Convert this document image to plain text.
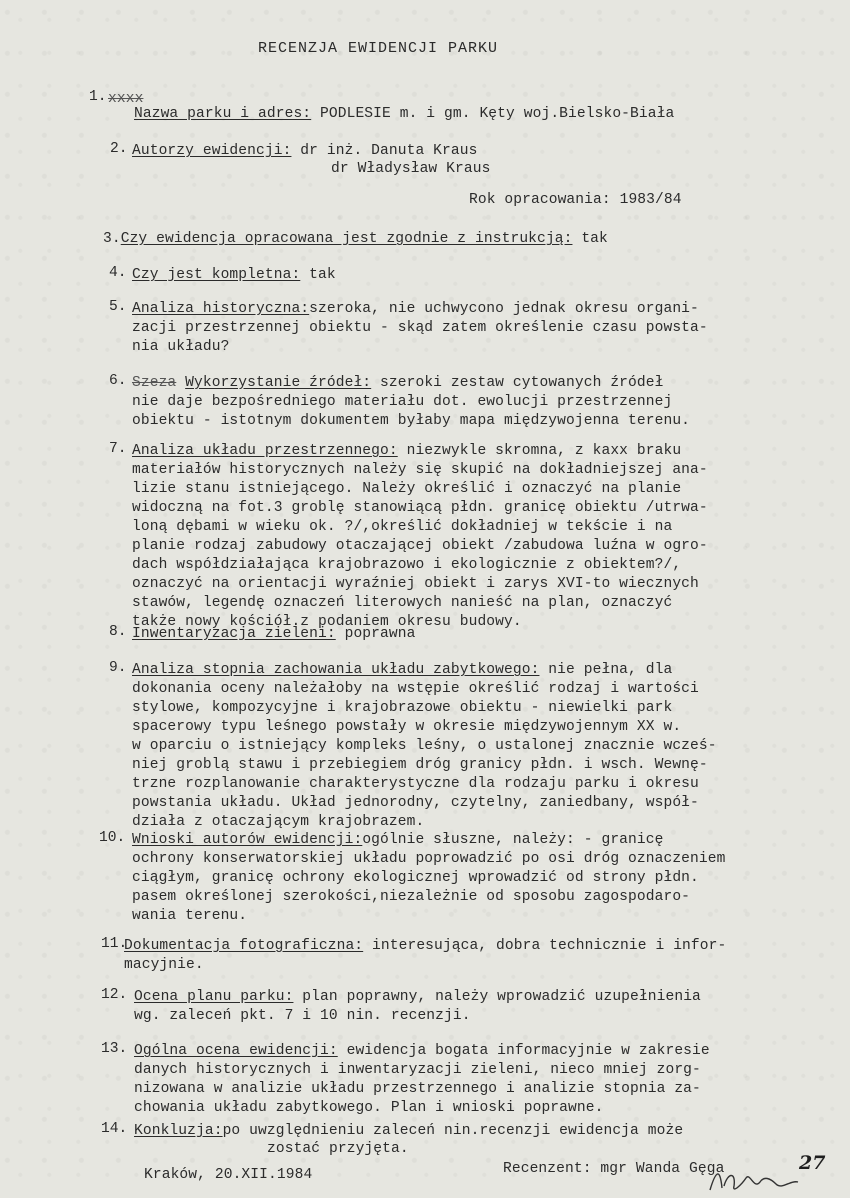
RECENZJA EWIDENCJI PARKU
1. xxxx
Nazwa parku i adres: PODLESIE m. i gm. Kęty woj.Bielsko-Biała
2. Autorzy ewidencji: dr inż. Danuta Kraus
dr Władysław Kraus
Rok opracowania: 1983/84
3.Czy ewidencja opracowana jest zgodnie z instrukcją: tak
4. Czy jest kompletna: tak
5. Analiza historyczna:szeroka, nie uchwycono jednak okresu organi-
zacji przestrzennej obiektu - skąd zatem określenie czasu powsta-
nia układu?
6. Szeza Wykorzystanie źródeł: szeroki zestaw cytowanych źródeł
nie daje bezpośredniego materiału dot. ewolucji przestrzennej
obiektu - istotnym dokumentem byłaby mapa międzywojenna terenu.
7. Analiza układu przestrzennego: niezwykle skromna, z kaxx braku
materiałów historycznych należy się skupić na dokładniejszej ana-
lizie stanu istniejącego. Należy określić i oznaczyć na planie
widoczną na fot.3 groblę stanowiącą płdn. granicę obiektu /utrwa-
loną dębami w wieku ok. ?/,określić dokładniej w tekście i na
planie rodzaj zabudowy otaczającej obiekt /zabudowa luźna w ogro-
dach współdziałająca krajobrazowo i ekologicznie z obiektem?/,
oznaczyć na orientacji wyraźniej obiekt i zarys XVI-to wiecznych
stawów, legendę oznaczeń literowych nanieść na plan, oznaczyć
także nowy kościół.z podaniem okresu budowy.
8. Inwentaryzacja zieleni: poprawna
9. Analiza stopnia zachowania układu zabytkowego: nie pełna, dla
dokonania oceny należałoby na wstępie określić rodzaj i wartości
stylowe, kompozycyjne i krajobrazowe obiektu - niewielki park
spacerowy typu leśnego powstały w okresie międzywojennym XX w.
w oparciu o istniejący kompleks leśny, o ustalonej znacznie wcześ-
niej groblą stawu i przebiegiem dróg granicy płdn. i wsch. Wewnę-
trzne rozplanowanie charakterystyczne dla rodzaju parku i okresu
powstania układu. Układ jednorodny, czytelny, zaniedbany, współ-
działa z otaczającym krajobrazem.
10. Wnioski autorów ewidencji:ogólnie słuszne, należy: - granicę
ochrony konserwatorskiej układu poprowadzić po osi dróg oznaczeniem
ciągłym, granicę ochrony ekologicznej wprowadzić od strony płdn.
pasem określonej szerokości,niezależnie od sposobu zagospodaro-
wania terenu.
11.
Dokumentacja fotograficzna: interesująca, dobra technicznie i infor-
macyjnie.
12. Ocena planu parku: plan poprawny, należy wprowadzić uzupełnienia
wg. zaleceń pkt. 7 i 10 nin. recenzji.
13. Ogólna ocena ewidencji: ewidencja bogata informacyjnie w zakresie
danych historycznych i inwentaryzacji zieleni, nieco mniej zorg-
nizowana w analizie układu przestrzennego i analizie stopnia za-
chowania układu zabytkowego. Plan i wnioski poprawne.
14. Konkluzja:po uwzględnieniu zaleceń nin.recenzji ewidencja może
zostać przyjęta.
Kraków, 20.XII.1984	Recenzent: mgr Wanda Gęga	27
